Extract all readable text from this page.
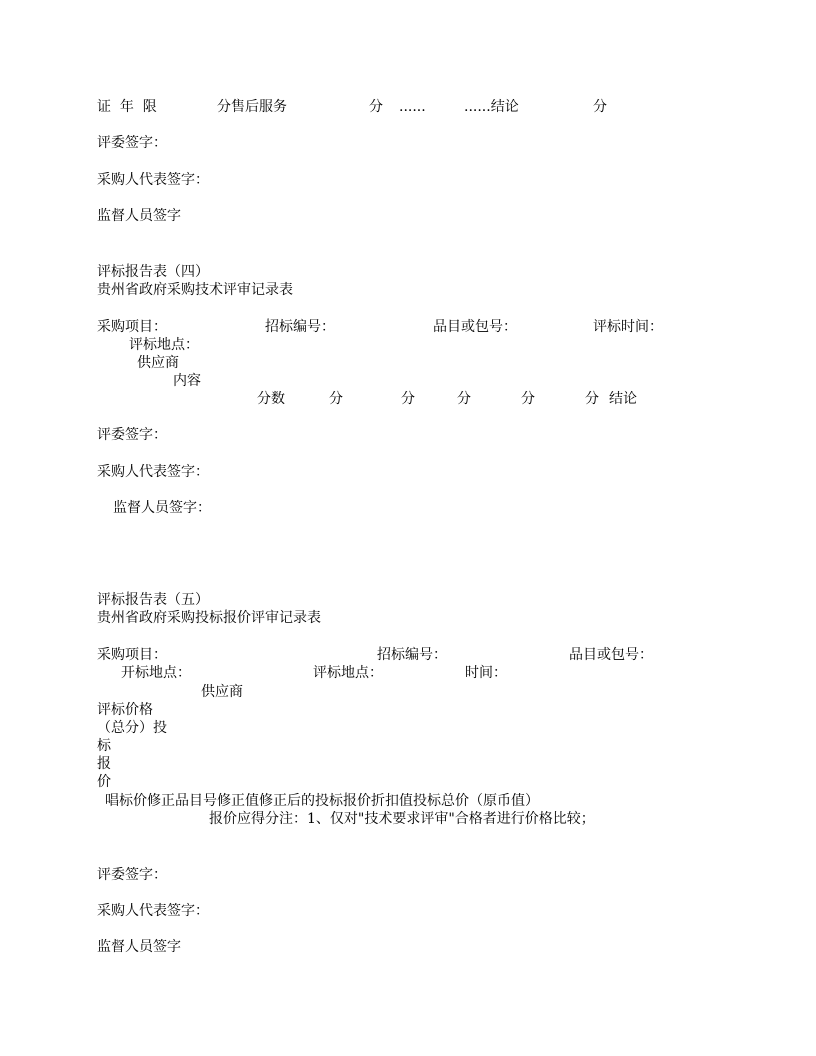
证  年  限	分售后服务	分 ......	......结论	分
评委签字：
采购人代表签字：
监督人员签字
评标报告表（四）
贵州省政府采购技术评审记录表
采购项目：	招标编号：	品目或包号：	评标时间：
评标地点：
供应商
内容
分数	分	分	分	分	分 结论
评委签字：
采购人代表签字：
监督人员签字：
评标报告表（五）
贵州省政府采购投标报价评审记录表
采购项目：	招标编号：	品目或包号：
开标地点：	评标地点：	时间：
供应商
评标价格
（总分）投
标
报
价
唱标价修正品目号修正值修正后的投标报价折扣值投标总价（原币值）
报价应得分注：1、仅对"技术要求评审"合格者进行价格比较；
评委签字：
采购人代表签字：
监督人员签字
